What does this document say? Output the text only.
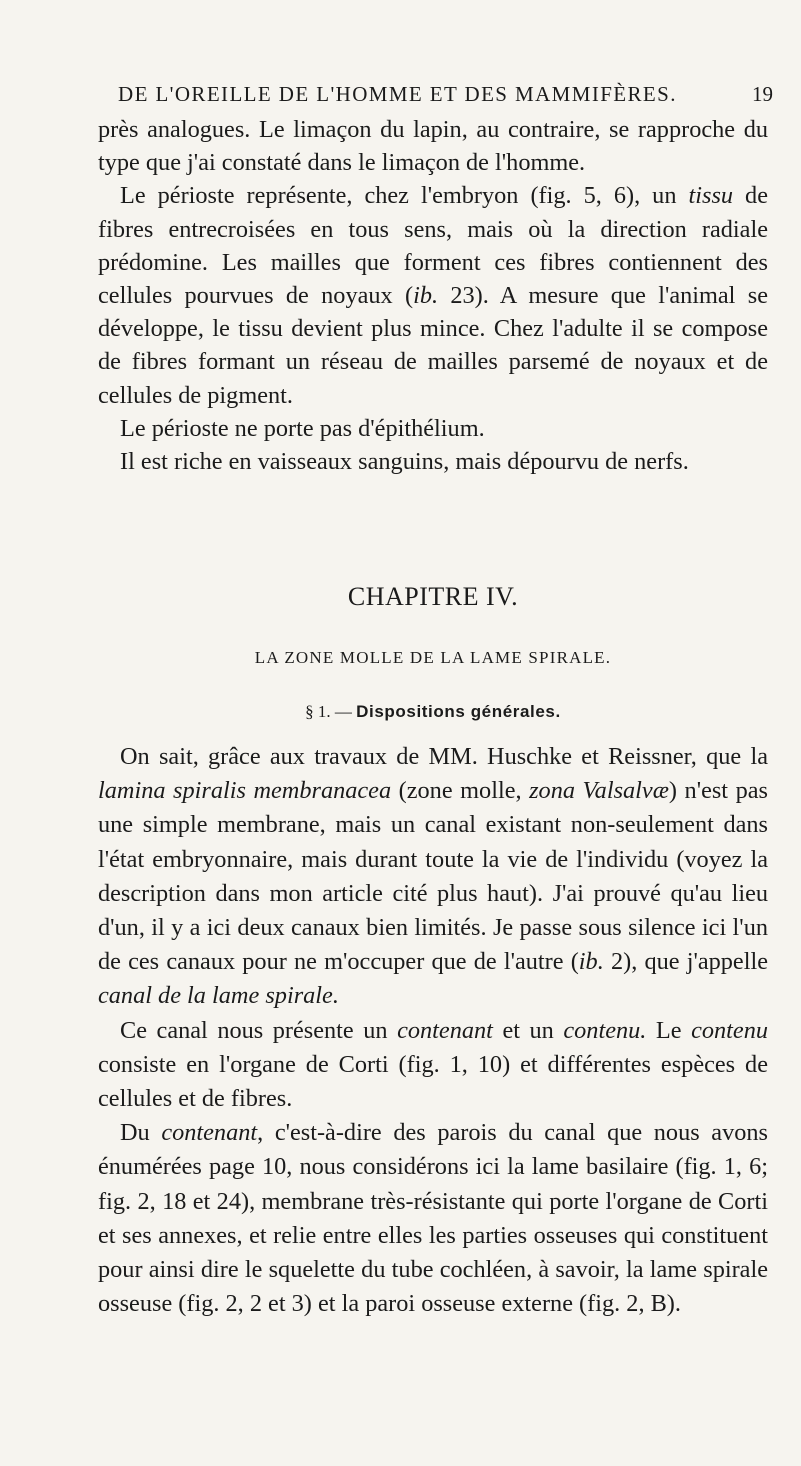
DE L'OREILLE DE L'HOMME ET DES MAMMIFÈRES.	19

près analogues. Le limaçon du lapin, au contraire, se rapproche du type que j'ai constaté dans le limaçon de l'homme.

Le périoste représente, chez l'embryon (fig. 5, 6), un tissu de fibres entrecroisées en tous sens, mais où la direction radiale prédomine. Les mailles que forment ces fibres contiennent des cellules pourvues de noyaux (ib. 23). A mesure que l'animal se développe, le tissu devient plus mince. Chez l'adulte il se compose de fibres formant un réseau de mailles parsemé de noyaux et de cellules de pigment.

Le périoste ne porte pas d'épithélium.

Il est riche en vaisseaux sanguins, mais dépourvu de nerfs.

CHAPITRE IV.
LA ZONE MOLLE DE LA LAME SPIRALE.
§ 1. — Dispositions générales.

On sait, grâce aux travaux de MM. Huschke et Reissner, que la lamina spiralis membranacea (zone molle, zona Valsalvæ) n'est pas une simple membrane, mais un canal existant non-seulement dans l'état embryonnaire, mais durant toute la vie de l'individu (voyez la description dans mon article cité plus haut). J'ai prouvé qu'au lieu d'un, il y a ici deux canaux bien limités. Je passe sous silence ici l'un de ces canaux pour ne m'occuper que de l'autre (ib. 2), que j'appelle canal de la lame spirale.

Ce canal nous présente un contenant et un contenu. Le contenu consiste en l'organe de Corti (fig. 1, 10) et différentes espèces de cellules et de fibres.

Du contenant, c'est-à-dire des parois du canal que nous avons énumérées page 10, nous considérons ici la lame basilaire (fig. 1, 6; fig. 2, 18 et 24), membrane très-résistante qui porte l'organe de Corti et ses annexes, et relie entre elles les parties osseuses qui constituent pour ainsi dire le squelette du tube cochléen, à savoir, la lame spirale osseuse (fig. 2, 2 et 3) et la paroi osseuse externe (fig. 2, B).
